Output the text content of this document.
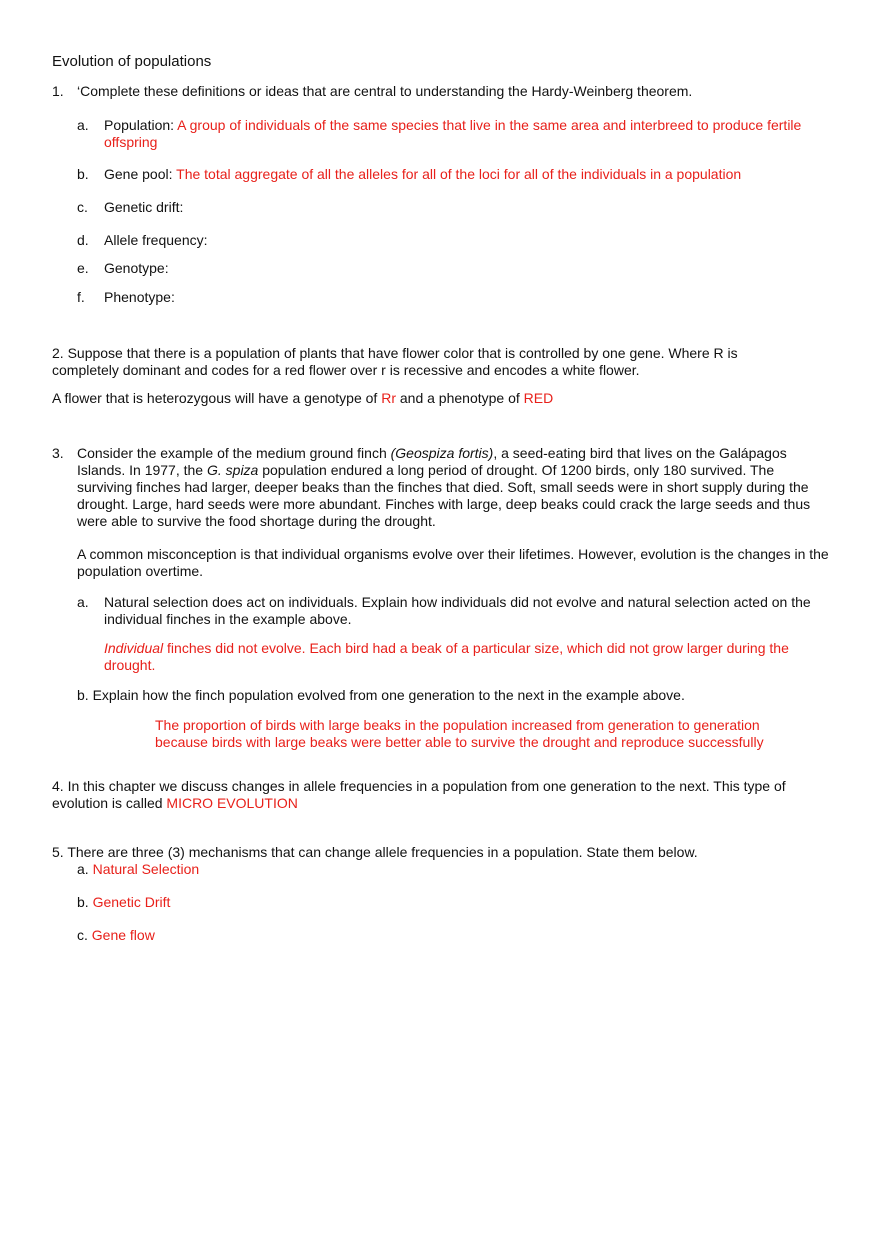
Evolution of populations
1. ‘Complete these definitions or ideas that are central to understanding the Hardy-Weinberg theorem.
a. Population: A group of individuals of the same species that live in the same area and interbreed to produce fertile offspring
b. Gene pool: The total aggregate of all the alleles for all of the loci for all of the individuals in a population
c. Genetic drift:
d. Allele frequency:
e. Genotype:
f. Phenotype:
2. Suppose that there is a population of plants that have flower color that is controlled by one gene. Where R is completely dominant and codes for a red flower over r is recessive and encodes a white flower.
A flower that is heterozygous will have a genotype of Rr and a phenotype of RED
3. Consider the example of the medium ground finch (Geospiza fortis), a seed-eating bird that lives on the Galápagos Islands. In 1977, the G. spiza population endured a long period of drought. Of 1200 birds, only 180 survived. The surviving finches had larger, deeper beaks than the finches that died. Soft, small seeds were in short supply during the drought. Large, hard seeds were more abundant. Finches with large, deep beaks could crack the large seeds and thus were able to survive the food shortage during the drought.
A common misconception is that individual organisms evolve over their lifetimes. However, evolution is the changes in the population overtime.
a. Natural selection does act on individuals. Explain how individuals did not evolve and natural selection acted on the individual finches in the example above.
Individual finches did not evolve. Each bird had a beak of a particular size, which did not grow larger during the drought.
b. Explain how the finch population evolved from one generation to the next in the example above.
The proportion of birds with large beaks in the population increased from generation to generation because birds with large beaks were better able to survive the drought and reproduce successfully
4. In this chapter we discuss changes in allele frequencies in a population from one generation to the next. This type of evolution is called MICRO EVOLUTION
5. There are three (3) mechanisms that can change allele frequencies in a population. State them below.
a. Natural Selection
b. Genetic Drift
c. Gene flow
